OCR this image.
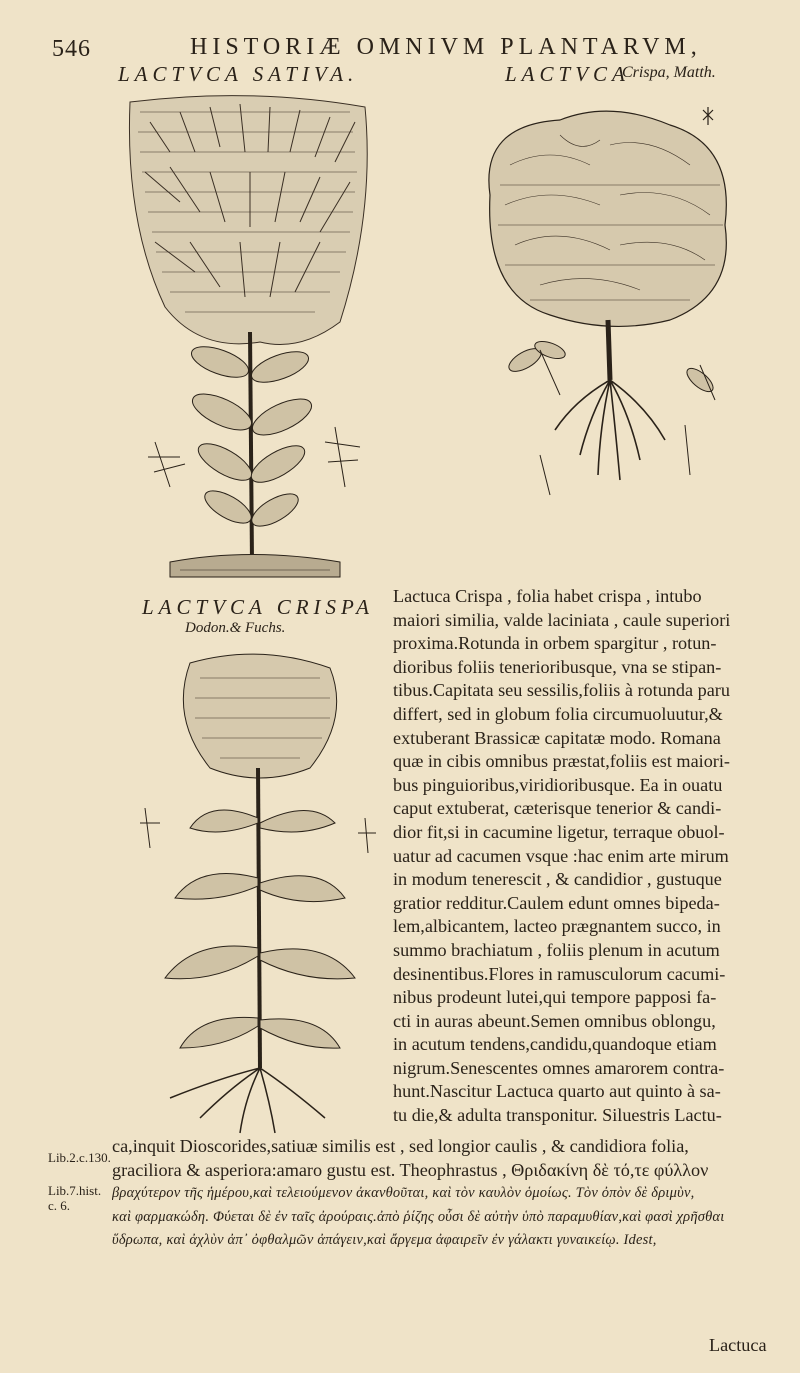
546	HISTORIÆ OMNIVM PLANTARVM,
LACTVCA SATIVA.	LACTVCA
Crispa, Matth.
LACTVCA CRISPA
Dodon.& Fuchs.
Lactuca Crispa , folia habet crispa , intubo
maiori similia, valde laciniata , caule superiori
proxima.Rotunda in orbem spargitur , rotun-
dioribus foliis tenerioribusque, vna se stipan-
tibus.Capitata seu sessilis,foliis à rotunda paru
differt, sed in globum folia circumuoluutur,&
extuberant Brassicæ capitatæ modo. Romana
quæ in cibis omnibus præstat,foliis est maiori-
bus pinguioribus,viridioribusque. Ea in ouatu
caput extuberat, cæterisque tenerior & candi-
dior fit,si in cacumine ligetur, terraque obuol-
uatur ad cacumen vsque :hac enim arte mirum
in modum tenerescit , & candidior , gustuque
gratior redditur.Caulem edunt omnes bipeda-
lem,albicantem, lacteo prægnantem succo, in
summo brachiatum , foliis plenum in acutum
desinentibus.Flores in ramusculorum cacumi-
nibus prodeunt lutei,qui tempore papposi fa-
cti in auras abeunt.Semen omnibus oblongu,
in acutum tendens,candidu,quandoque etiam
nigrum.Senescentes omnes amarorem contra-
hunt.Nascitur Lactuca quarto aut quinto à sa-
tu die,& adulta transponitur. Siluestris Lactu-
Lib.2.c.130.
Lib.7.hist.
c. 6.
ca,inquit Dioscorides,satiuæ similis est , sed longior caulis , & candidiora folia,
graciliora & asperiora:amaro gustu est. Theophrastus , Θριδακίνη δὲ τό,τε φύλλον
βραχύτερον τῆς ἡμέρου,καὶ τελειούμενον ἀκανθοῦται, καὶ τὸν καυλὸν ὁμοίως. Τὸν ὀπὸν δὲ δριμὺν,
καὶ φαρμακώδη. Φύεται δὲ ἐν ταῖς ἀρούραις.ἀπὸ ῥίζης οὖσι δὲ αὐτὴν ὑπὸ παραμυθίαν,καὶ φασὶ χρῆσθαι
ὕδρωπα, καὶ ἀχλὺν ἀπ᾽ ὀφθαλμῶν ἀπάγειν,καὶ ἄργεμα ἀφαιρεῖν ἐν γάλακτι γυναικείῳ. Idest,
Lactuca
